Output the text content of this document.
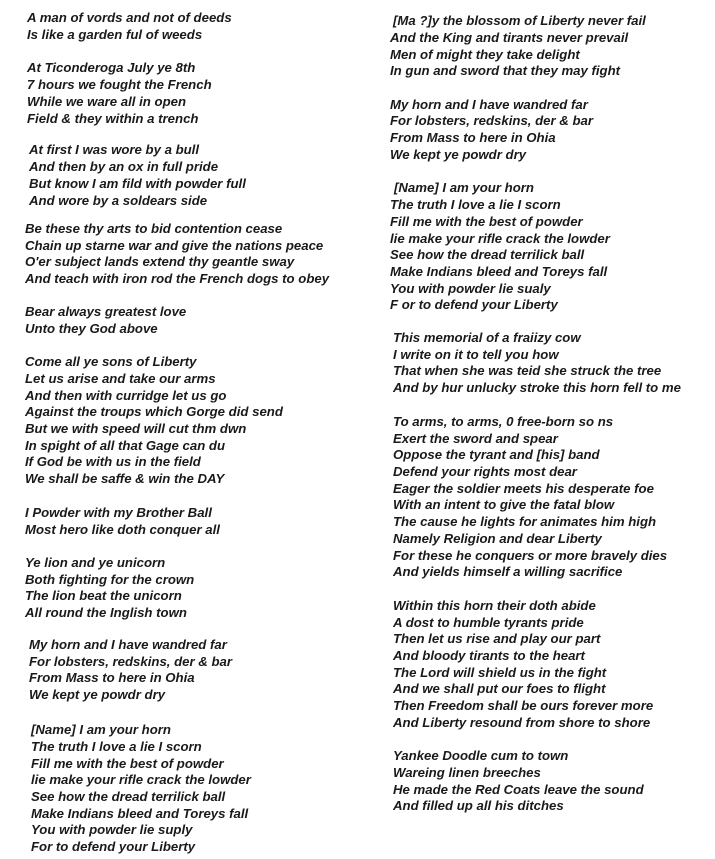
A man of vords and not of deeds
Is like a garden ful of weeds
At Ticonderoga July ye 8th
7 hours we fought the French
While we ware all in open
Field & they within a trench
At first I was wore by a bull
And then by an ox in full pride
But know I am fild with powder full
And wore by a soldears side
Be these thy arts to bid contention cease
Chain up starne war and give the nations peace
O'er subject lands extend thy geantle sway
And teach with iron rod the French dogs to obey
Bear always greatest love
Unto they God above
Come all ye sons of Liberty
Let us arise and take our arms
And then with curridge let us go
Against the troups which Gorge did send
But we with speed will cut thm dwn
In spight of all that Gage can du
If God be with us in the field
We shall be saffe & win the DAY
I Powder with my Brother Ball
Most hero like doth conquer all
Ye lion and ye unicorn
Both fighting for the crown
The lion beat the unicorn
All round the Inglish town
My horn and I have wandred far
For lobsters, redskins, der & bar
From Mass to here in Ohia
We kept ye powdr dry
[Name] I am your horn
The truth I love a lie I scorn
Fill me with the best of powder
lie make your rifle crack the lowder
See how the dread terrilick ball
Make Indians bleed and Toreys fall
You with powder lie suply
For to defend your Liberty
[Ma ?]y the blossom of Liberty never fail
And the King and tirants never prevail
Men of might they take delight
In gun and sword that they may fight
My horn and I have wandred far
For lobsters, redskins, der & bar
From Mass to here in Ohia
We kept ye powdr dry
[Name] I am your horn
The truth I love a lie I scorn
Fill me with the best of powder
lie make your rifle crack the lowder
See how the dread terrilick ball
Make Indians bleed and Toreys fall
You with powder lie sualy
F or to defend your Liberty
This memorial of a fraiizy cow
I write on it to tell you how
That when she was teid she struck the tree
And by hur unlucky stroke this horn fell to me
To arms, to arms, 0 free-born so ns
Exert the sword and spear
Oppose the tyrant and [his] band
Defend your rights most dear
Eager the soldier meets his desperate foe
With an intent to give the fatal blow
The cause he lights for animates him high
Namely Religion and dear Liberty
For these he conquers or more bravely dies
And yields himself a willing sacrifice
Within this horn their doth abide
A dost to humble tyrants pride
Then let us rise and play our part
And bloody tirants to the heart
The Lord will shield us in the fight
And we shall put our foes to flight
Then Freedom shall be ours forever more
And Liberty resound from shore to shore
Yankee Doodle cum to town
Wareing linen breeches
He made the Red Coats leave the sound
And filled up all his ditches
